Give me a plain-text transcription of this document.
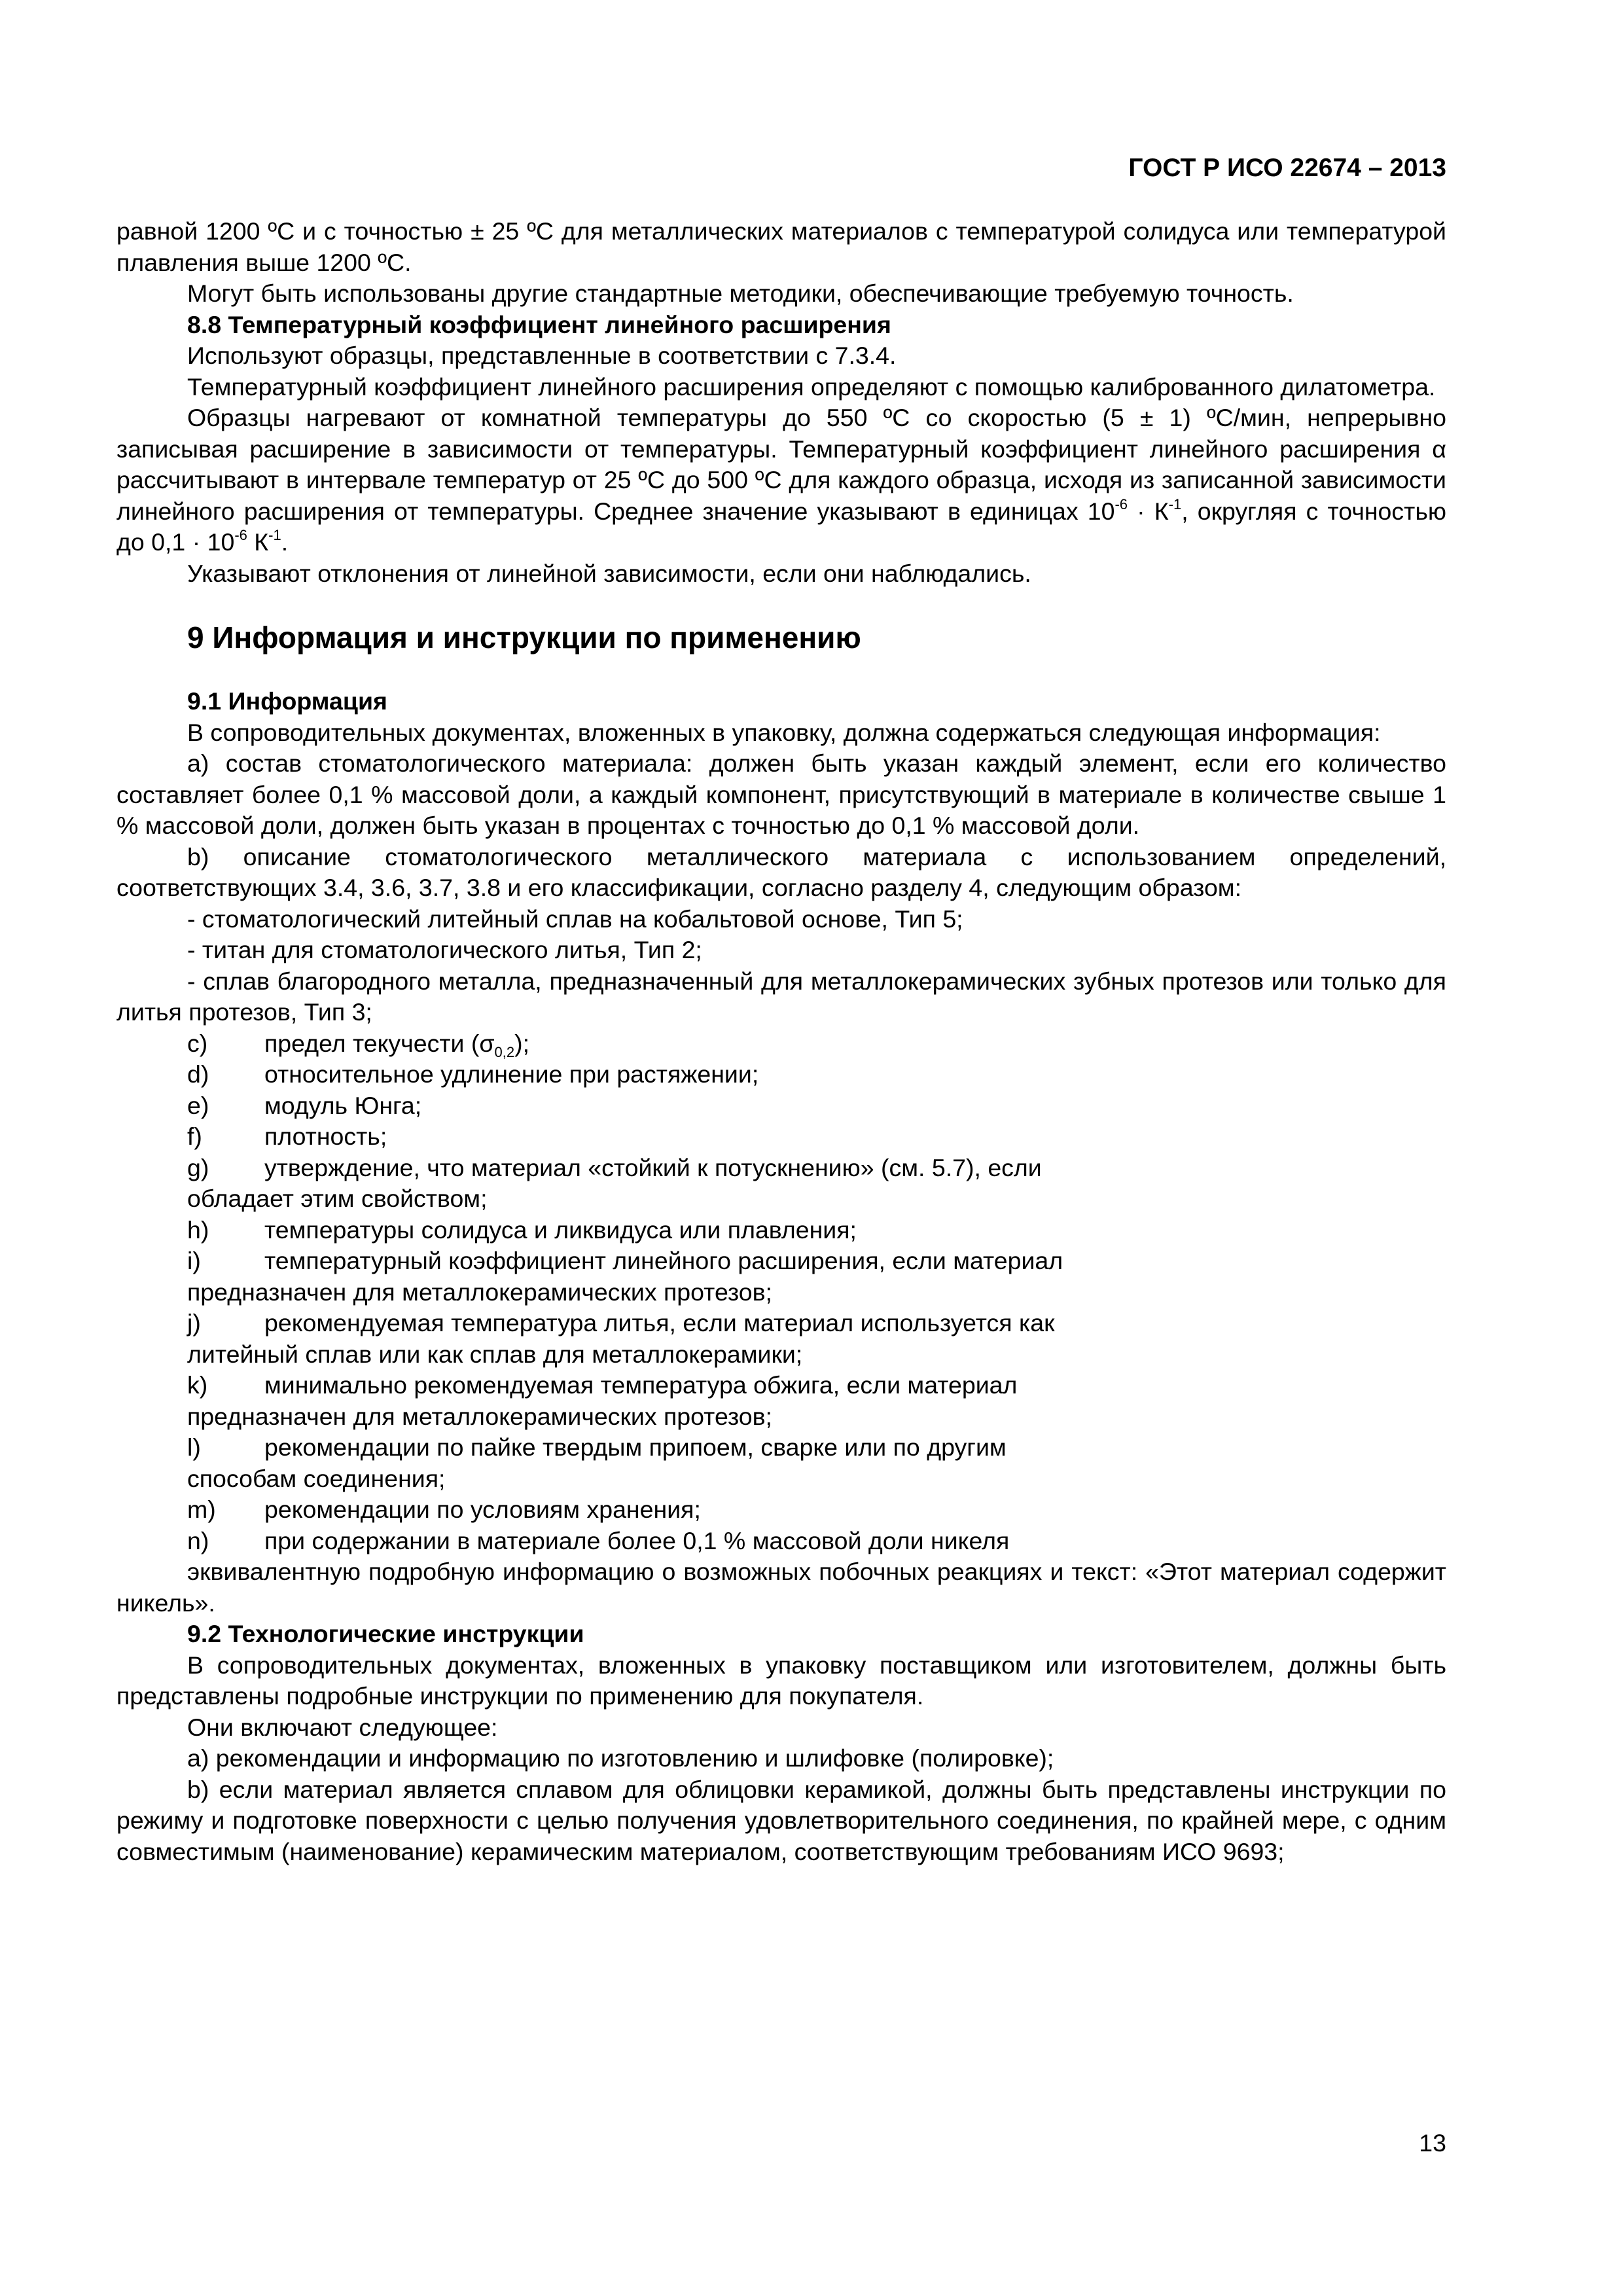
ГОСТ Р ИСО 22674 – 2013

равной 1200 ºС и с точностью ± 25 ºС для металлических материалов с температурой солидуса или температурой плавления выше 1200 ºС.

Могут быть использованы другие стандартные методики, обеспечивающие требуемую точность.

8.8 Температурный коэффициент линейного расширения

Используют образцы, представленные в соответствии с 7.3.4.

Температурный коэффициент линейного расширения определяют с помощью калиброванного дилатометра.

Образцы нагревают от комнатной температуры до 550 ºС со скоростью (5 ± 1) ºС/мин, непрерывно записывая расширение в зависимости от температуры. Температурный коэффициент линейного расширения α рассчитывают в интервале температур от 25 ºС до 500 ºС для каждого образца, исходя из записанной зависимости линейного расширения от температуры. Среднее значение указывают в единицах $10^{-6} \cdot К^{-1}$, округляя с точностью до $0,1 \cdot 10^{-6}$ $К^{-1}$.

Указывают отклонения от линейной зависимости, если они наблюдались.

9 Информация и инструкции по применению

9.1 Информация

В сопроводительных документах, вложенных в упаковку, должна содержаться следующая информация:

a) состав стоматологического материала: должен быть указан каждый элемент, если его количество составляет более 0,1 % массовой доли, а каждый компонент, присутствующий в материале в количестве свыше 1 % массовой доли, должен быть указан в процентах с точностью до 0,1 % массовой доли.

b) описание стоматологического металлического материала с использованием определений, соответствующих 3.4, 3.6, 3.7, 3.8 и его классификации, согласно разделу 4, следующим образом:

- стоматологический литейный сплав на кобальтовой основе, Тип 5;

- титан для стоматологического литья, Тип 2;

- сплав благородного металла, предназначенный для металлокерамических зубных протезов или только для литья протезов, Тип 3;

c)	предел текучести $(\sigma_{0,2})$;
d)	относительное удлинение при растяжении;
e)	модуль Юнга;
f)	плотность;
g)	утверждение, что материал «стойкий к потускнению» (см. 5.7), если

обладает этим свойством;

h)	температуры солидуса и ликвидуса или плавления;
i)	температурный коэффициент линейного расширения, если материал

предназначен для металлокерамических протезов;

j)	рекомендуемая температура литья, если материал используется как

литейный сплав или как сплав для металлокерамики;

k)	минимально рекомендуемая температура обжига, если материал

предназначен для металлокерамических протезов;

l)	рекомендации по пайке твердым припоем, сварке или по другим

способам соединения;

m)	рекомендации по условиям хранения;
n)	при содержании в материале более 0,1 % массовой доли никеля

эквивалентную подробную информацию о возможных побочных реакциях и текст: «Этот материал содержит никель».

9.2 Технологические инструкции

В сопроводительных документах, вложенных в упаковку поставщиком или изготовителем, должны быть представлены подробные инструкции по применению для покупателя.

Они включают следующее:

а) рекомендации и информацию по изготовлению и шлифовке (полировке);

b) если материал является сплавом для облицовки керамикой, должны быть представлены инструкции по режиму и подготовке поверхности с целью получения удовлетворительного соединения, по крайней мере, с одним совместимым (наименование) керамическим материалом, соответствующим требованиям ИСО 9693;

13
